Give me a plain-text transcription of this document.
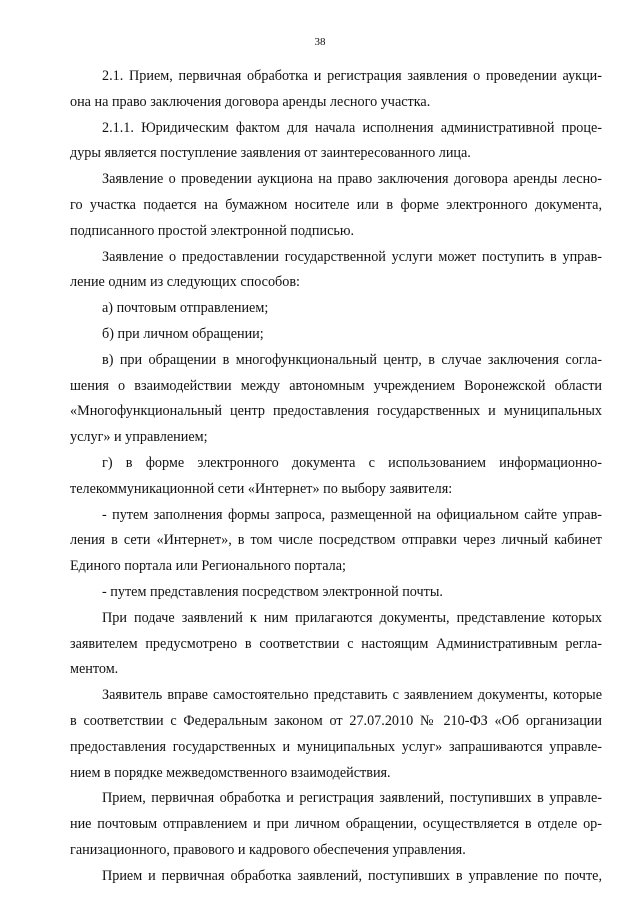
38
2.1. Прием, первичная обработка и регистрация заявления о проведении аукци-
она на право заключения договора аренды лесного участка.
2.1.1. Юридическим фактом для начала исполнения административной проце-
дуры является поступление заявления от заинтересованного лица.
Заявление о проведении аукциона на право заключения договора аренды лесно-
го участка подается на бумажном носителе или в форме электронного документа,
подписанного простой электронной подписью.
Заявление о предоставлении государственной услуги может поступить в управ-
ление одним из следующих способов:
а) почтовым отправлением;
б) при личном обращении;
в) при обращении в многофункциональный центр, в случае заключения согла-
шения о взаимодействии между автономным учреждением Воронежской области
«Многофункциональный центр предоставления государственных и муниципальных
услуг» и управлением;
г) в форме электронного документа с использованием информационно-
телекоммуникационной сети «Интернет» по выбору заявителя:
- путем заполнения формы запроса, размещенной на официальном сайте управ-
ления в сети «Интернет», в том числе посредством отправки через личный кабинет
Единого портала или Регионального портала;
- путем представления посредством электронной почты.
При подаче заявлений к ним прилагаются документы, представление которых
заявителем предусмотрено в соответствии с настоящим Административным регла-
ментом.
Заявитель вправе самостоятельно представить с заявлением документы, которые
в соответствии с Федеральным законом от 27.07.2010 № 210-ФЗ «Об организации
предоставления государственных и муниципальных услуг» запрашиваются управле-
нием в порядке межведомственного взаимодействия.
Прием, первичная обработка и регистрация заявлений, поступивших в управле-
ние почтовым отправлением и при личном обращении, осуществляется в отделе ор-
ганизационного, правового и кадрового обеспечения управления.
Прием и первичная обработка заявлений, поступивших в управление по почте,
